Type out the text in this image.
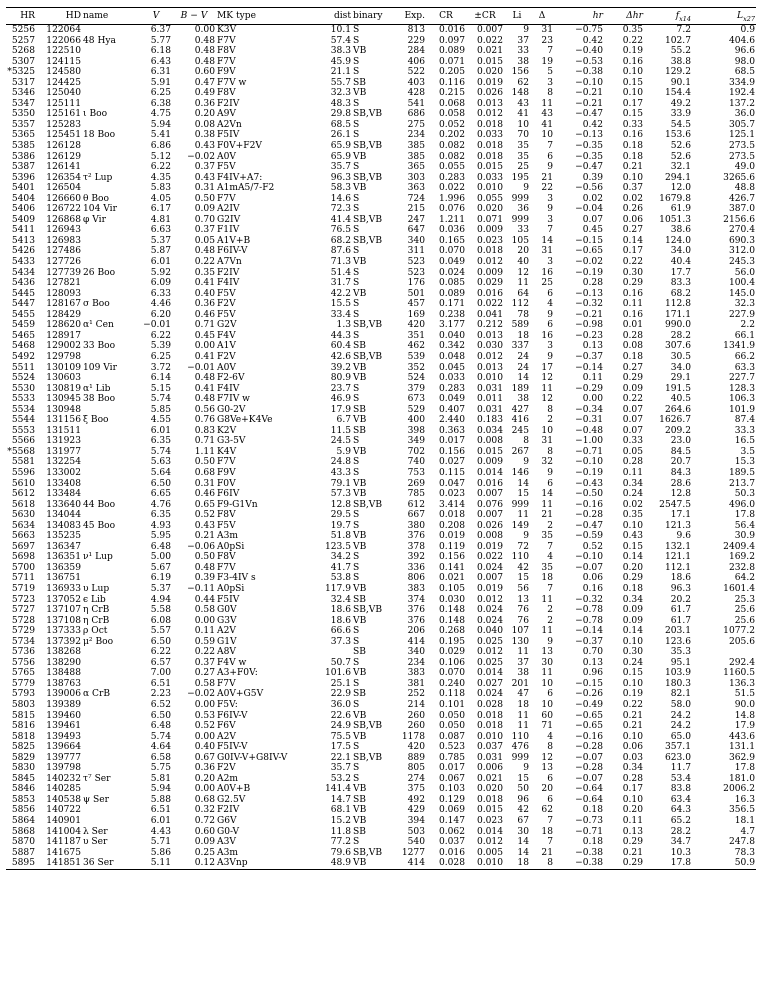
HR	HD	name	V	B − V	MK type	dist	binary	Exp.	CR	±CR	Li	Δ	hr	Δhr	$f_{x14}$	$L_{x27}$
5256	122064		6.37	0.00	K3V	10.1	S	813	0.016	0.007	9	31	−0.75	0.35	7.2	0.9
5257	122066	48 Hya	5.77	0.48	F7V	57.4	S	229	0.097	0.022	37	23	0.42	0.22	102.7	404.6
5268	122510		6.18	0.48	F8V	38.3	VB	284	0.089	0.021	33	7	−0.40	0.19	55.2	96.6
5307	124115		6.43	0.48	F7V	45.9	S	406	0.071	0.015	38	19	−0.53	0.16	38.8	98.0
*5325	124580		6.31	0.60	F9V	21.1	S	522	0.205	0.020	156	5	−0.38	0.10	129.2	68.5
5317	124425		5.91	0.47	F7V w	55.7	SB	403	0.116	0.019	62	3	−0.10	0.15	90.1	334.9
5346	125040		6.25	0.49	F8V	32.3	VB	428	0.215	0.026	148	8	−0.21	0.10	154.4	192.4
5347	125111		6.38	0.36	F2IV	48.3	S	541	0.068	0.013	43	11	−0.21	0.17	49.2	137.2
5350	125161	ι Boo	4.75	0.20	A9V	29.8	SB,VB	686	0.058	0.012	41	43	−0.47	0.15	33.9	36.0
5357	125283		5.94	0.08	A2Vn	68.5	S	275	0.052	0.018	10	41	0.42	0.33	54.5	305.7
5365	125451	18 Boo	5.41	0.38	F5IV	26.1	S	234	0.202	0.033	70	10	−0.13	0.16	153.6	125.1
5385	126128		6.86	0.43	F0V+F2V	65.9	SB,VB	385	0.082	0.018	35	7	−0.35	0.18	52.6	273.5
5386	126129		5.12	−0.02	A0V	65.9	VB	385	0.082	0.018	35	6	−0.35	0.18	52.6	273.5
5387	126141		6.22	0.37	F5V	35.7	S	365	0.055	0.015	25	9	−0.47	0.21	32.1	49.0
5396	126354	τ² Lup	4.35	0.43	F4IV+A7:	96.3	SB,VB	303	0.283	0.033	195	21	0.39	0.10	294.1	3265.6
5401	126504		5.83	0.31	A1mA5/7-F2	58.3	VB	363	0.022	0.010	9	22	−0.56	0.37	12.0	48.8
5404	126660	θ Boo	4.05	0.50	F7V	14.6	S	724	1.996	0.055	999	3	0.02	0.02	1679.8	426.7
5406	126722	104 Vir	6.17	0.09	A2IV	72.3	S	215	0.076	0.020	36	9	−0.04	0.26	61.9	387.0
5409	126868	φ Vir	4.81	0.70	G2IV	41.4	SB,VB	247	1.211	0.071	999	3	0.07	0.06	1051.3	2156.6
5411	126943		6.63	0.37	F1IV	76.5	S	647	0.036	0.009	33	7	0.45	0.27	38.6	270.4
5413	126983		5.37	0.05	A1V+B	68.2	SB,VB	340	0.165	0.023	105	14	−0.15	0.14	124.0	690.3
5426	127486		5.87	0.48	F6IV-V	87.6	S	311	0.070	0.018	20	31	−0.65	0.17	34.0	312.0
5433	127726		6.01	0.22	A7Vn	71.3	VB	523	0.049	0.012	40	3	−0.02	0.22	40.4	245.3
5434	127739	26 Boo	5.92	0.35	F2IV	51.4	S	523	0.024	0.009	12	16	−0.19	0.30	17.7	56.0
5436	127821		6.09	0.41	F4IV	31.7	S	176	0.085	0.029	11	25	0.28	0.29	83.3	100.4
5445	128093		6.33	0.40	F5V	42.2	VB	501	0.089	0.016	64	6	−0.13	0.16	68.2	145.0
5447	128167	σ Boo	4.46	0.36	F2V	15.5	S	457	0.171	0.022	112	4	−0.32	0.11	112.8	32.3
5455	128429		6.20	0.46	F5V	33.4	S	169	0.238	0.041	78	9	−0.21	0.16	171.1	227.9
5459	128620	α¹ Cen	−0.01	0.71	G2V	1.3	SB,VB	420	3.177	0.212	589	6	−0.98	0.01	990.0	2.2
5465	128917		6.22	0.45	F4V	44.3	S	351	0.040	0.013	18	16	−0.23	0.28	28.2	66.1
5468	129002	33 Boo	5.39	0.00	A1V	60.4	SB	462	0.342	0.030	337	3	0.13	0.08	307.6	1341.9
5492	129798		6.25	0.41	F2V	42.6	SB,VB	539	0.048	0.012	24	9	−0.37	0.18	30.5	66.2
5511	130109	109 Vir	3.72	−0.01	A0V	39.2	VB	352	0.045	0.013	24	17	−0.14	0.27	34.0	63.3
5524	130603		6.14	0.48	F2-6V	80.9	VB	524	0.033	0.010	14	12	0.11	0.29	29.1	227.7
5530	130819	α¹ Lib	5.15	0.41	F4IV	23.7	S	379	0.283	0.031	189	11	−0.29	0.09	191.5	128.3
5533	130945	38 Boo	5.74	0.48	F7IV w	46.9	S	673	0.049	0.011	38	12	0.00	0.22	40.5	106.3
5534	130948		5.85	0.56	G0-2V	17.9	SB	529	0.407	0.031	427	8	−0.34	0.07	264.6	101.9
5544	131156	ξ Boo	4.55	0.76	G8Ve+K4Ve	6.7	VB	400	2.440	0.183	416	2	−0.31	0.07	1626.7	87.4
5553	131511		6.01	0.83	K2V	11.5	SB	398	0.363	0.034	245	10	−0.48	0.07	209.2	33.3
5566	131923		6.35	0.71	G3-5V	24.5	S	349	0.017	0.008	8	31	−1.00	0.33	23.0	16.5
*5568	131977		5.74	1.11	K4V	5.9	VB	702	0.156	0.015	267	8	−0.71	0.05	84.5	3.5
5581	132254		5.63	0.50	F7V	24.8	S	740	0.027	0.009	9	32	−0.10	0.28	20.7	15.3
5596	133002		5.64	0.68	F9V	43.3	S	753	0.115	0.014	146	9	−0.19	0.11	84.3	189.5
5610	133408		6.50	0.31	F0V	79.1	VB	269	0.047	0.016	14	6	−0.43	0.34	28.6	213.7
5612	133484		6.65	0.46	F6IV	57.3	VB	785	0.023	0.007	15	14	−0.50	0.24	12.8	50.3
5618	133640	44 Boo	4.76	0.65	F9-G1Vn	12.8	SB,VB	612	3.414	0.076	999	11	−0.16	0.02	2547.5	496.0
5630	134044		6.35	0.52	F8V	29.5	S	667	0.018	0.007	11	21	−0.28	0.35	17.1	17.8
5634	134083	45 Boo	4.93	0.43	F5V	19.7	S	380	0.208	0.026	149	2	−0.47	0.10	121.3	56.4
5663	135235		5.95	0.21	A3m	51.8	VB	376	0.019	0.008	9	35	−0.59	0.43	9.6	30.9
5697	136347		6.48	−0.06	A0pSi	123.5	VB	378	0.119	0.019	72	7	0.52	0.15	132.1	2409.4
5698	136351	ν¹ Lup	5.00	0.50	F8V	34.2	S	392	0.156	0.022	110	4	−0.10	0.14	121.1	169.2
5700	136359		5.67	0.48	F7V	41.7	S	336	0.141	0.024	42	35	−0.07	0.20	112.1	232.8
5711	136751		6.19	0.39	F3-4IV s	53.8	S	806	0.021	0.007	15	18	0.06	0.29	18.6	64.2
5719	136933	υ Lup	5.37	−0.11	A0pSi	117.9	VB	383	0.105	0.019	56	7	0.16	0.18	96.3	1601.4
5723	137052	ϵ Lib	4.94	0.44	F5IV	32.4	SB	374	0.030	0.012	13	11	−0.32	0.34	20.2	25.3
5727	137107	η CrB	5.58	0.58	G0V	18.6	SB,VB	376	0.148	0.024	76	2	−0.78	0.09	61.7	25.6
5728	137108	η CrB	6.08	0.00	G3V	18.6	VB	376	0.148	0.024	76	2	−0.78	0.09	61.7	25.6
5729	137333	ρ Oct	5.57	0.11	A2V	66.6	S	206	0.268	0.040	107	11	−0.14	0.14	203.1	1077.2
5734	137392	μ² Boo	6.50	0.59	G1V	37.3	S	414	0.195	0.025	130	9	−0.37	0.10	123.6	205.6
5736	138268		6.22	0.22	A8V		SB	340	0.029	0.012	11	13	0.70	0.30	35.3	
5756	138290		6.57	0.37	F4V w	50.7	S	234	0.106	0.025	37	30	0.13	0.24	95.1	292.4
5765	138488		7.00	0.27	A3+F0V:	101.6	VB	383	0.070	0.014	38	11	0.96	0.15	103.9	1160.5
5779	138763		6.51	0.58	F7V	25.1	S	381	0.240	0.027	201	10	−0.15	0.10	180.3	136.3
5793	139006	α CrB	2.23	−0.02	A0V+G5V	22.9	SB	252	0.118	0.024	47	6	−0.26	0.19	82.1	51.5
5803	139389		6.52	0.00	F5V:	36.0	S	214	0.101	0.028	18	10	−0.49	0.22	58.0	90.0
5815	139460		6.50	0.53	F6IV-V	22.6	VB	260	0.050	0.018	11	60	−0.65	0.21	24.2	14.8
5816	139461		6.48	0.52	F6V	24.9	SB,VB	260	0.050	0.018	11	71	−0.65	0.21	24.2	17.9
5818	139493		5.74	0.00	A2V	75.5	VB	1178	0.087	0.010	110	4	−0.16	0.10	65.0	443.6
5825	139664		4.64	0.40	F5IV-V	17.5	S	420	0.523	0.037	476	8	−0.28	0.06	357.1	131.1
5829	139777		6.58	0.67	G0IV-V+G8IV-V	22.1	SB,VB	889	0.785	0.031	999	12	−0.07	0.03	623.0	362.9
5830	139798		5.75	0.36	F2V	35.7	S	805	0.017	0.006	9	13	−0.28	0.34	11.7	17.8
5845	140232	τ⁷ Ser	5.81	0.20	A2m	53.2	S	274	0.067	0.021	15	6	−0.07	0.28	53.4	181.0
5846	140285		5.94	0.00	A0V+B	141.4	VB	375	0.103	0.020	50	20	−0.64	0.17	83.8	2006.2
5853	140538	ψ Ser	5.88	0.68	G2.5V	14.7	SB	492	0.129	0.018	96	6	−0.64	0.10	63.4	16.3
5856	140722		6.51	0.32	F2IV	68.1	VB	429	0.069	0.015	42	62	0.18	0.20	64.3	356.5
5864	140901		6.01	0.72	G6V	15.2	VB	394	0.147	0.023	67	7	−0.73	0.11	65.2	18.1
5868	141004	λ Ser	4.43	0.60	G0-V	11.8	SB	503	0.062	0.014	30	18	−0.71	0.13	28.2	4.7
5870	141187	υ Ser	5.71	0.09	A3V	77.2	S	540	0.037	0.012	14	7	0.18	0.29	34.7	247.8
5887	141675		5.86	0.25	A3m	79.6	SB,VB	1277	0.016	0.005	14	21	−0.38	0.21	10.3	78.3
5895	141851	36 Ser	5.11	0.12	A3Vnp	48.9	VB	414	0.028	0.010	18	8	−0.38	0.29	17.8	50.9
